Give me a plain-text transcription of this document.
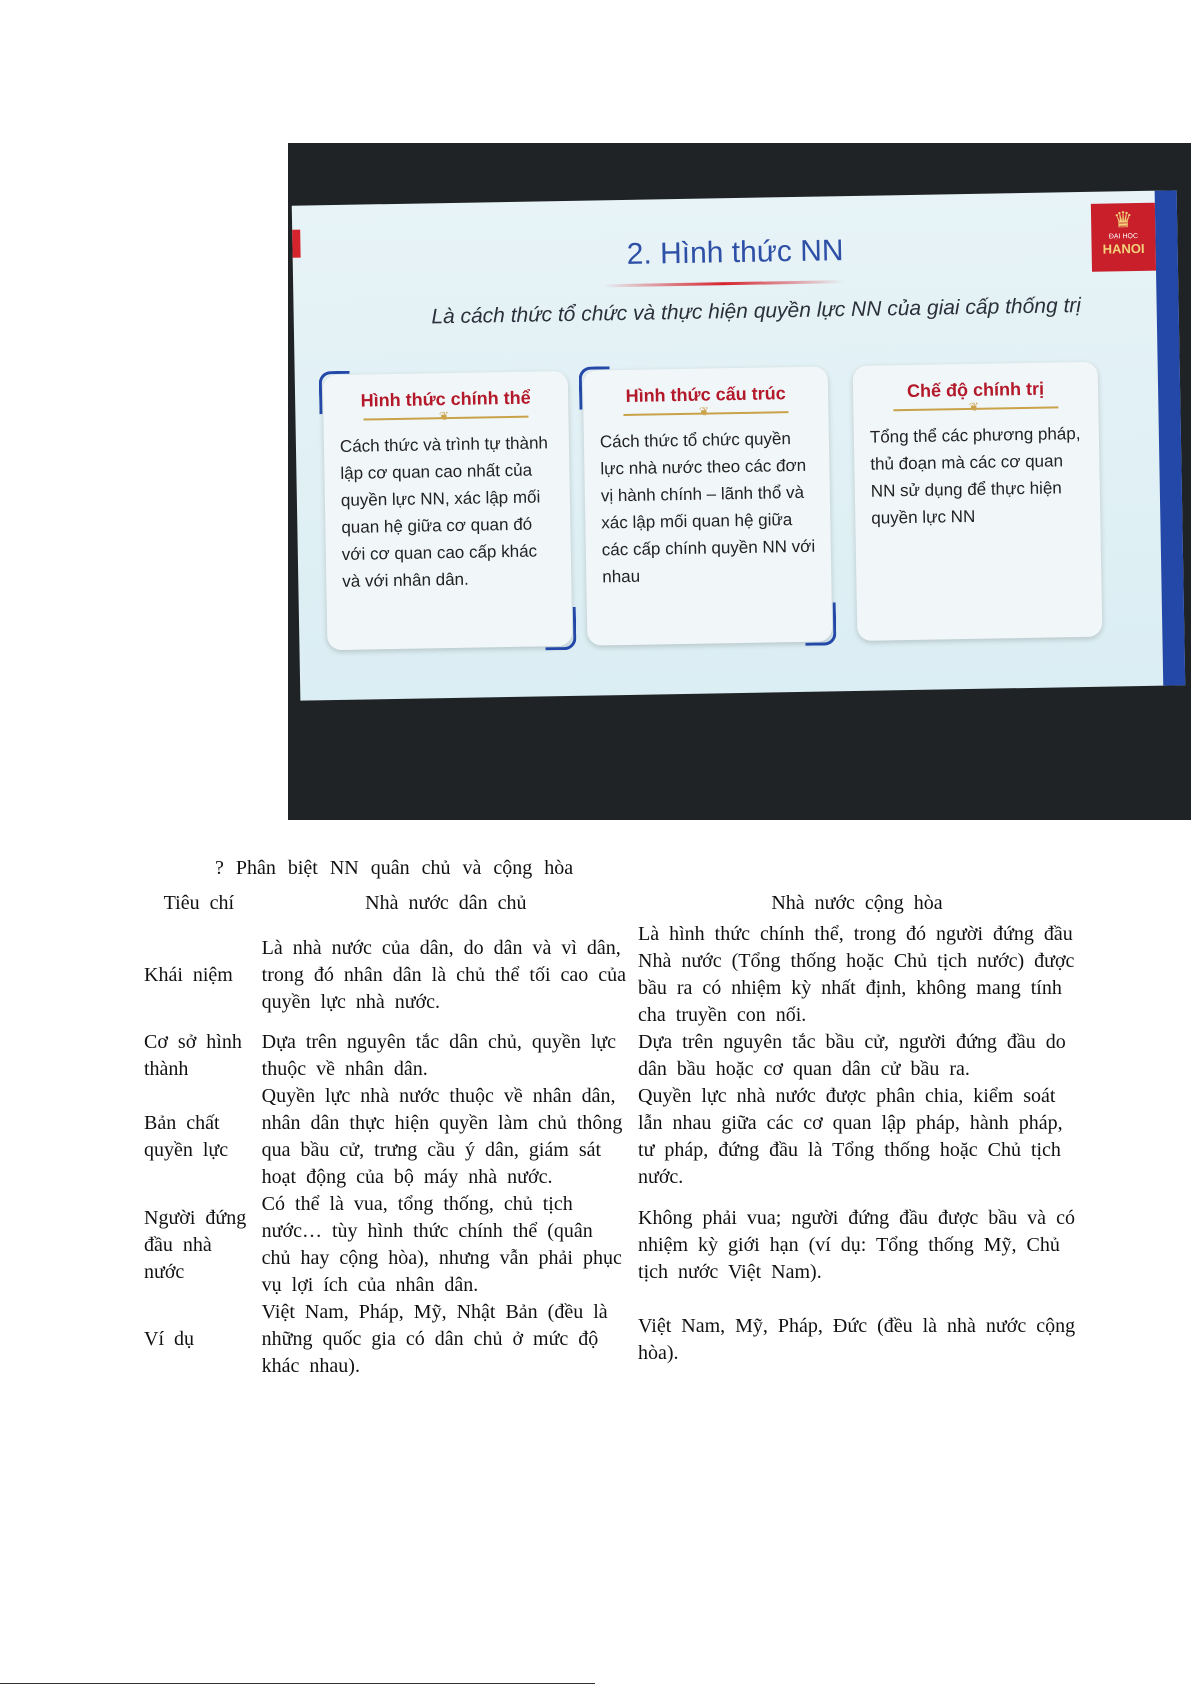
♛
ĐẠI HỌC
HANOI
2. Hình thức NN
Là cách thức tổ chức và thực hiện quyền lực NN của giai cấp thống trị
Hình thức chính thể
❦
Cách thức và trình tự thành lập cơ quan cao nhất của quyền lực NN, xác lập mối quan hệ giữa cơ quan đó với cơ quan cao cấp khác và với nhân dân.
Hình thức cấu trúc
❦
Cách thức tổ chức quyền lực nhà nước theo các đơn vị hành chính – lãnh thổ và
xác lập mối quan hệ giữa các cấp chính quyền NN với nhau
Chế độ chính trị
❦
Tổng thể các phương pháp, thủ đoạn mà các cơ quan NN sử dụng để thực hiện quyền lực NN
? Phân biệt NN quân chủ và cộng hòa
Tiêu chí	Nhà nước dân chủ	Nhà nước cộng hòa
Khái niệm	Là nhà nước của dân, do dân và vì dân, trong đó nhân dân là chủ thể tối cao của quyền lực nhà nước.	Là hình thức chính thể, trong đó người đứng đầu Nhà nước (Tổng thống hoặc Chủ tịch nước) được bầu ra có nhiệm kỳ nhất định, không mang tính cha truyền con nối.
Cơ sở hình thành	Dựa trên nguyên tắc dân chủ, quyền lực thuộc về nhân dân.	Dựa trên nguyên tắc bầu cử, người đứng đầu do dân bầu hoặc cơ quan dân cử bầu ra.
Bản chất quyền lực	Quyền lực nhà nước thuộc về nhân dân, nhân dân thực hiện quyền làm chủ thông qua bầu cử, trưng cầu ý dân, giám sát hoạt động của bộ máy nhà nước.	Quyền lực nhà nước được phân chia, kiểm soát lẫn nhau giữa các cơ quan lập pháp, hành pháp, tư pháp, đứng đầu là Tổng thống hoặc Chủ tịch nước.
Người đứng đầu nhà nước	Có thể là vua, tổng thống, chủ tịch nước… tùy hình thức chính thể (quân chủ hay cộng hòa), nhưng vẫn phải phục vụ lợi ích của nhân dân.	Không phải vua; người đứng đầu được bầu và có nhiệm kỳ giới hạn (ví dụ: Tổng thống Mỹ, Chủ tịch nước Việt Nam).
Ví dụ	Việt Nam, Pháp, Mỹ, Nhật Bản (đều là những quốc gia có dân chủ ở mức độ khác nhau).	Việt Nam, Mỹ, Pháp, Đức (đều là nhà nước cộng hòa).
